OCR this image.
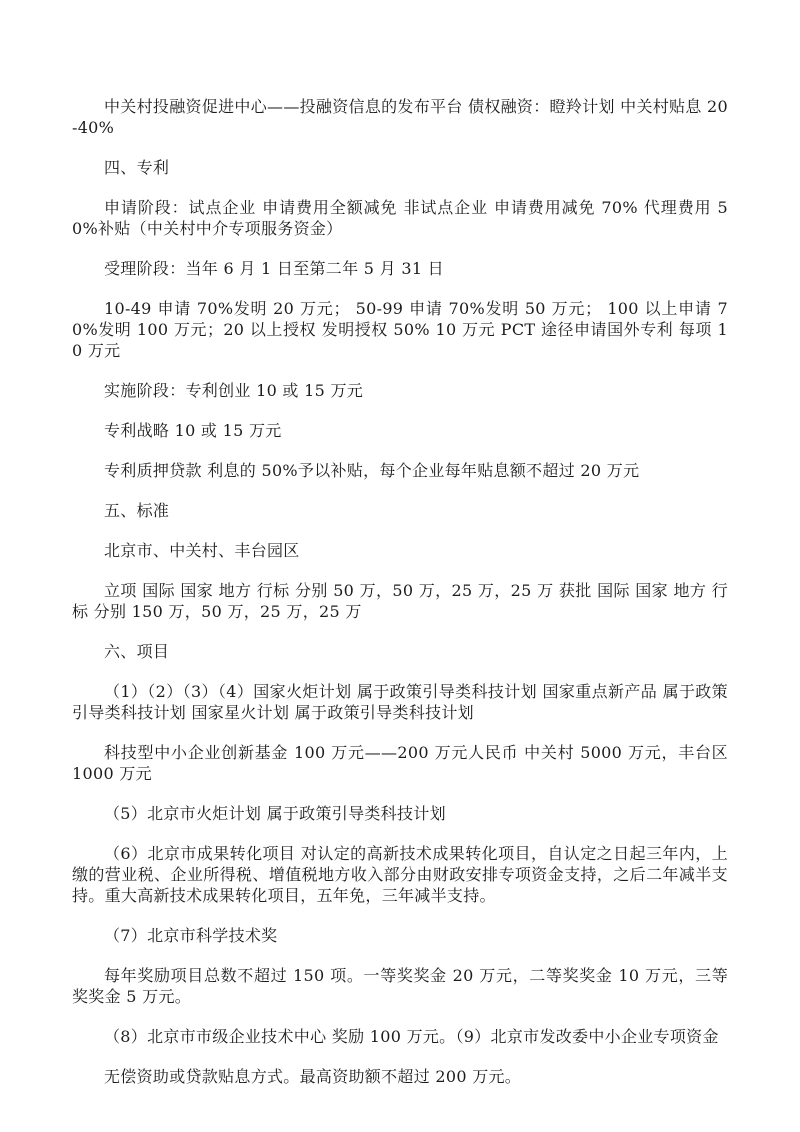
中关村投融资促进中心——投融资信息的发布平台 债权融资：瞪羚计划 中关村贴息 20-40%

四、专利

申请阶段：试点企业 申请费用全额减免 非试点企业 申请费用减免 70% 代理费用 50%补贴（中关村中介专项服务资金）

受理阶段：当年 6 月 1 日至第二年 5 月 31 日

10-49 申请 70%发明 20 万元； 50-99 申请 70%发明 50 万元； 100 以上申请 70%发明 100 万元；20 以上授权 发明授权 50% 10 万元 PCT 途径申请国外专利 每项 10 万元

实施阶段：专利创业 10 或 15 万元

专利战略 10 或 15 万元

专利质押贷款 利息的 50%予以补贴，每个企业每年贴息额不超过 20 万元

五、标准

北京市、中关村、丰台园区

立项 国际 国家 地方 行标 分别 50 万，50 万，25 万，25 万 获批 国际 国家 地方 行标 分别 150 万，50 万，25 万，25 万

六、项目

（1）（2）（3）（4）国家火炬计划 属于政策引导类科技计划 国家重点新产品 属于政策引导类科技计划 国家星火计划 属于政策引导类科技计划

科技型中小企业创新基金 100 万元——200 万元人民币 中关村 5000 万元，丰台区 1000 万元

（5）北京市火炬计划 属于政策引导类科技计划

（6）北京市成果转化项目 对认定的高新技术成果转化项目，自认定之日起三年内，上缴的营业税、企业所得税、增值税地方收入部分由财政安排专项资金支持，之后二年减半支持。重大高新技术成果转化项目，五年免，三年减半支持。

（7）北京市科学技术奖

每年奖励项目总数不超过 150 项。一等奖奖金 20 万元，二等奖奖金 10 万元，三等奖奖金 5 万元。

（8）北京市市级企业技术中心 奖励 100 万元。（9）北京市发改委中小企业专项资金

无偿资助或贷款贴息方式。最高资助额不超过 200 万元。
